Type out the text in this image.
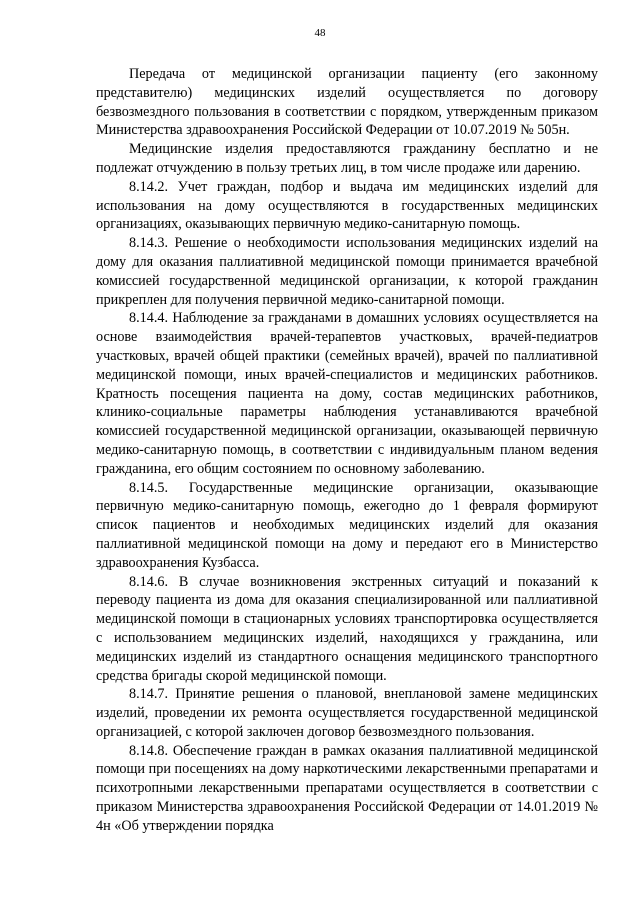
48

Передача от медицинской организации пациенту (его законному представителю) медицинских изделий осуществляется по договору безвозмездного пользования в соответствии с порядком, утвержденным приказом Министерства здравоохранения Российской Федерации от 10.07.2019 № 505н.

Медицинские изделия предоставляются гражданину бесплатно и не подлежат отчуждению в пользу третьих лиц, в том числе продаже или дарению.

8.14.2. Учет граждан, подбор и выдача им медицинских изделий для использования на дому осуществляются в государственных медицинских организациях, оказывающих первичную медико-санитарную помощь.

8.14.3. Решение о необходимости использования медицинских изделий на дому для оказания паллиативной медицинской помощи принимается врачебной комиссией государственной медицинской организации, к которой гражданин прикреплен для получения первичной медико-санитарной помощи.

8.14.4. Наблюдение за гражданами в домашних условиях осуществляется на основе взаимодействия врачей-терапевтов участковых, врачей-педиатров участковых, врачей общей практики (семейных врачей), врачей по паллиативной медицинской помощи, иных врачей-специалистов и медицинских работников. Кратность посещения пациента на дому, состав медицинских работников, клинико-социальные параметры наблюдения устанавливаются врачебной комиссией государственной медицинской организации, оказывающей первичную медико-санитарную помощь, в соответствии с индивидуальным планом ведения гражданина, его общим состоянием по основному заболеванию.

8.14.5. Государственные медицинские организации, оказывающие первичную медико-санитарную помощь, ежегодно до 1 февраля формируют список пациентов и необходимых медицинских изделий для оказания паллиативной медицинской помощи на дому и передают его в Министерство здравоохранения Кузбасса.

8.14.6. В случае возникновения экстренных ситуаций и показаний к переводу пациента из дома для оказания специализированной или паллиативной медицинской помощи в стационарных условиях транспортировка осуществляется с использованием медицинских изделий, находящихся у гражданина, или медицинских изделий из стандартного оснащения медицинского транспортного средства бригады скорой медицинской помощи.

8.14.7. Принятие решения о плановой, внеплановой замене медицинских изделий, проведении их ремонта осуществляется государственной медицинской организацией, с которой заключен договор безвозмездного пользования.

8.14.8. Обеспечение граждан в рамках оказания паллиативной медицинской помощи при посещениях на дому наркотическими лекарственными препаратами и психотропными лекарственными препаратами осуществляется в соответствии с приказом Министерства здравоохранения Российской Федерации от 14.01.2019 № 4н «Об утверждении порядка
